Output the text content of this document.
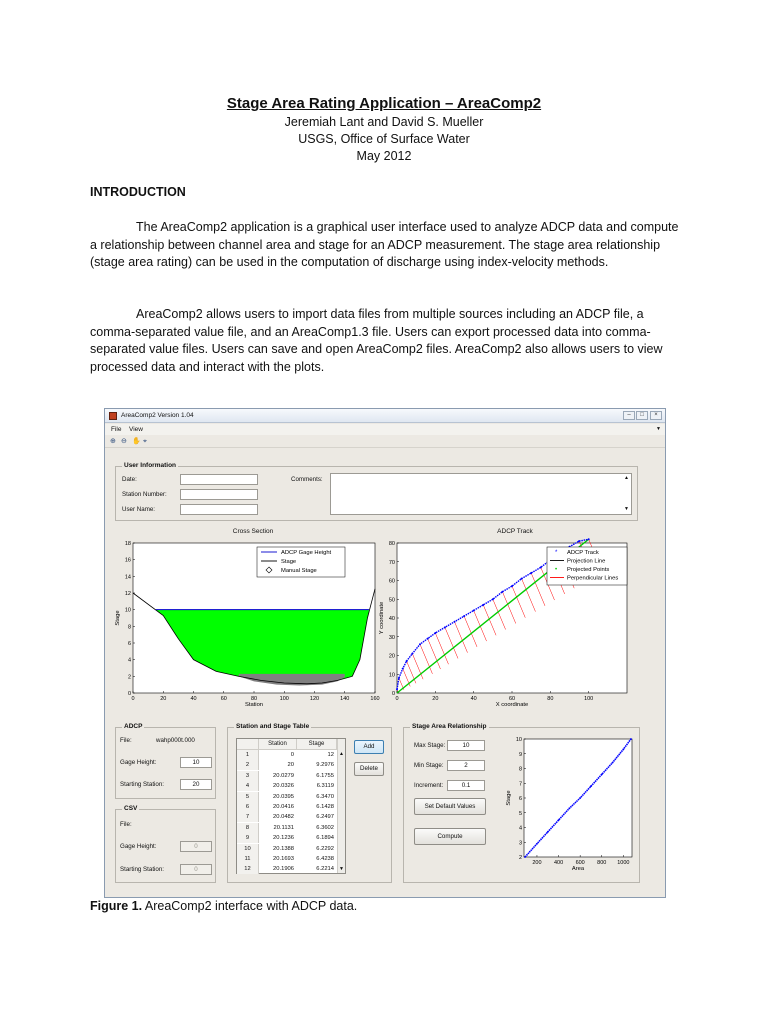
Stage Area Rating Application – AreaComp2
Jeremiah Lant and David S. Mueller
USGS, Office of Surface Water
May 2012
INTRODUCTION

The AreaComp2 application is a graphical user interface used to analyze ADCP data and compute a relationship between channel area and stage for an ADCP measurement. The stage area relationship (stage area rating) can be used in the computation of discharge using index-velocity methods.

AreaComp2 allows users to import data files from multiple sources including an ADCP file, a comma-separated value file, and an AreaComp1.3 file. Users can export processed data into comma-separated value files. Users can save and open AreaComp2 files. AreaComp2 also allows users to view processed data and interact with the plots.

AreaComp2 Version 1.04	–	□	×
File View	▼
⊕ ⊖ ✋ ⌖
User Information
Date:
Station Number:
User Name:
Comments:	▲
▼
Cross Section
0	20	40	60	80	100	120	140	160
0
2
4
6
8
10
12
14
16
18
Station
Stage
ADCP Gage Height
Stage
Manual Stage
ADCP Track
0	20	40	60	80	100
0
10
20
30
40
50
60
70
80
X coordinate
Y coordinate
* ADCP Track
Projection Line
• Projected Points
Perpendicular Lines
ADCP
File:	wahp000t.000
Gage Height:	10
Starting Station:	20
CSV
File:
Gage Height:	0
Starting Station:	0
Station and Stage Table
Add
Delete
Stage Area Relationship
Max Stage:	10
Min Stage:	2
Increment:	0.1
Set Default Values
Compute
200 400 600 800 1000
2
3
4
5
6
7
8
9
10
Area
Stage
Station	Stage
1	0	12
2	20	9.2976
3	20.0279	6.1755
4	20.0326	6.3119
5	20.0395	6.3470
6	20.0416	6.1428
7	20.0482	6.2497
8	20.1131	6.3602
9	20.1236	6.1894
10	20.1388	6.2292
11	20.1693	6.4238
12	20.1906	6.2214
▲
▼
Figure 1. AreaComp2 interface with ADCP data.
